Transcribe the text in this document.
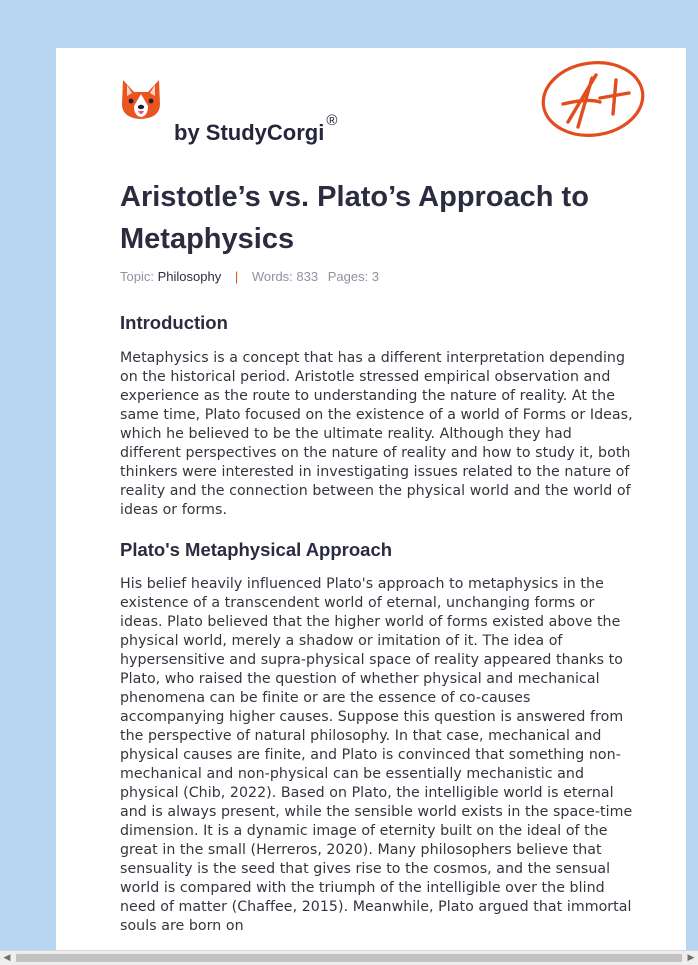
by StudyCorgi ®
Aristotle’s vs. Plato’s Approach to Metaphysics
Topic: Philosophy | Words: 833 Pages: 3
Introduction

Metaphysics is a concept that has a different interpretation depending on the historical period. Aristotle stressed empirical observation and experience as the route to understanding the nature of reality. At the same time, Plato focused on the existence of a world of Forms or Ideas, which he believed to be the ultimate reality. Although they had different perspectives on the nature of reality and how to study it, both thinkers were interested in investigating issues related to the nature of reality and the connection between the physical world and the world of ideas or forms.

Plato's Metaphysical Approach

His belief heavily influenced Plato's approach to metaphysics in the existence of a transcendent world of eternal, unchanging forms or ideas. Plato believed that the higher world of forms existed above the physical world, merely a shadow or imitation of it. The idea of hypersensitive and supra-physical space of reality appeared thanks to Plato, who raised the question of whether physical and mechanical phenomena can be finite or are the essence of co-causes accompanying higher causes. Suppose this question is answered from the perspective of natural philosophy. In that case, mechanical and physical causes are finite, and Plato is convinced that something non-mechanical and non-physical can be essentially mechanistic and physical (Chib, 2022). Based on Plato, the intelligible world is eternal and is always present, while the sensible world exists in the space-time dimension. It is a dynamic image of eternity built on the ideal of the great in the small (Herreros, 2020). Many philosophers believe that sensuality is the seed that gives rise to the cosmos, and the sensual world is compared with the triumph of the intelligible over the blind need of matter (Chaffee, 2015). Meanwhile, Plato argued that immortal souls are born on

◀	▶
